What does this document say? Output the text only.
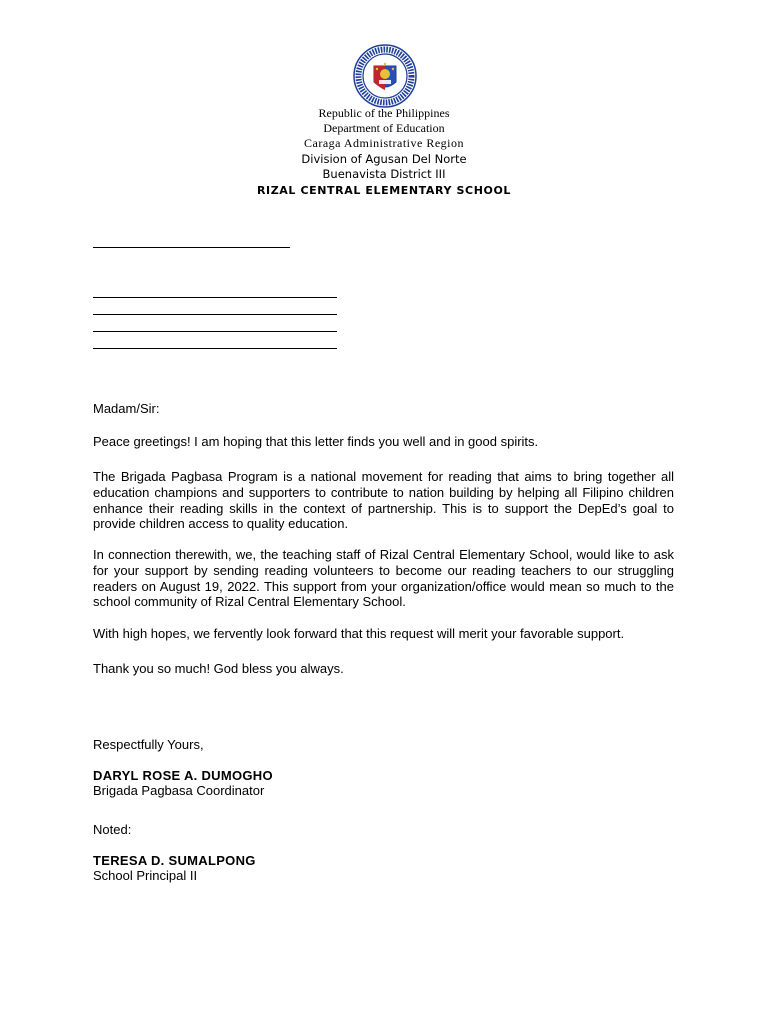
Republic of the Philippines
Department of Education
Caraga Administrative Region
Division of Agusan Del Norte
Buenavista District III
RIZAL CENTRAL ELEMENTARY SCHOOL
Madam/Sir:
Peace greetings! I am hoping that this letter finds you well and in good spirits.
The Brigada Pagbasa Program is a national movement for reading that aims to bring together all education champions and supporters to contribute to nation building by helping all Filipino children enhance their reading skills in the context of partnership. This is to support the DepEd’s goal to provide children access to quality education.
In connection therewith, we, the teaching staff of Rizal Central Elementary School, would like to ask for your support by sending reading volunteers to become our reading teachers to our struggling readers on August 19, 2022. This support from your organization/office would mean so much to the school community of Rizal Central Elementary School.
With high hopes, we fervently look forward that this request will merit your favorable support.
Thank you so much! God bless you always.
Respectfully Yours,
DARYL ROSE A. DUMOGHO
Brigada Pagbasa Coordinator
Noted:
TERESA D. SUMALPONG
School Principal II
